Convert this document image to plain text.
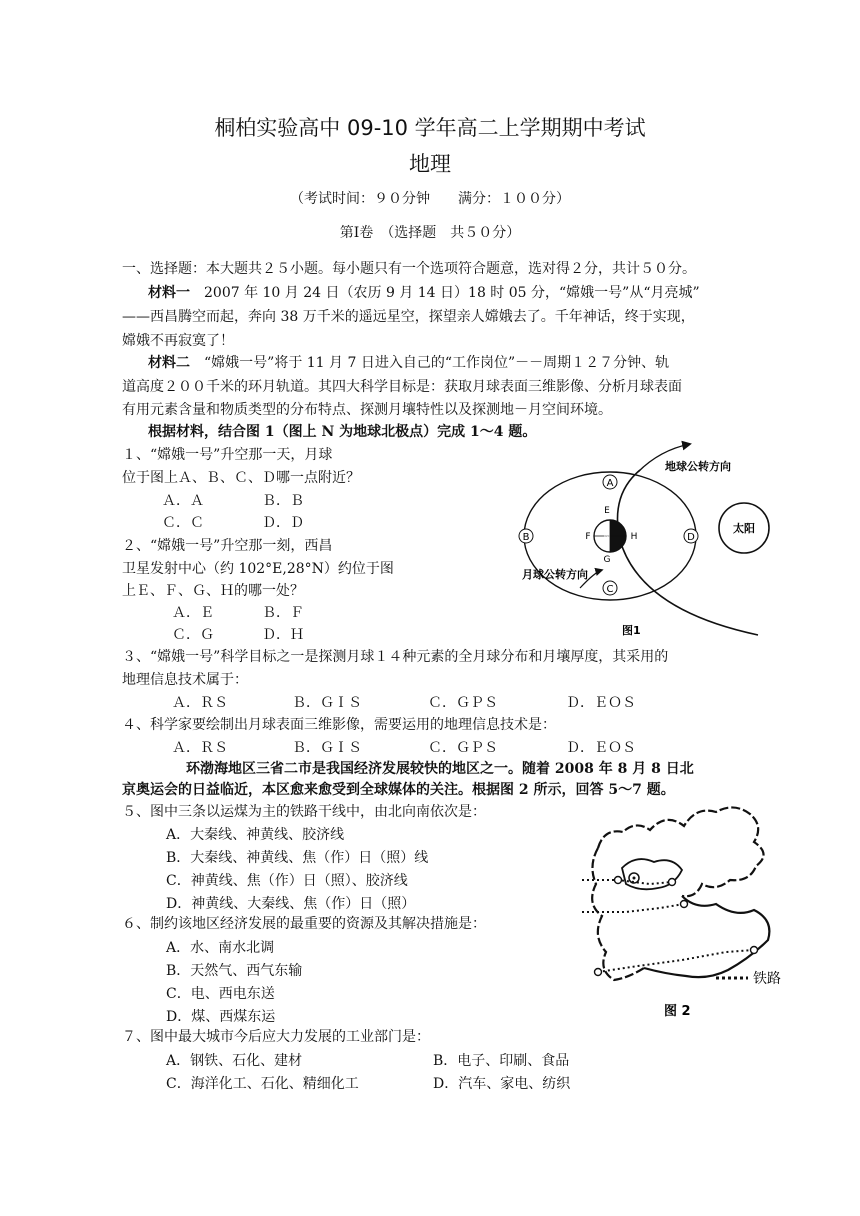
桐柏实验高中 09-10 学年高二上学期期中考试
地理
（考试时间：９０分钟　　满分：１００分）
第Ⅰ卷　（选择题　共５０分）
一、选择题：本大题共２５小题。每小题只有一个选项符合题意，选对得２分，共计５０分。
材料一　2007 年 10 月 24 日（农历 9 月 14 日）18 时 05 分，“嫦娥一号”从“月亮城”
——西昌腾空而起，奔向 38 万千米的遥远星空，探望亲人嫦娥去了。千年神话，终于实现，
嫦娥不再寂寞了！
材料二　“嫦娥一号”将于 11 月 7 日进入自己的“工作岗位”－－周期１２７分钟、轨
道高度２００千米的环月轨道。其四大科学目标是：获取月球表面三维影像、分析月球表面
有用元素含量和物质类型的分布特点、探测月壤特性以及探测地－月空间环境。
根据材料，结合图 1（图上 N 为地球北极点）完成 1～4 题。
１、“嫦娥一号”升空那一天，月球
位于图上Ａ、Ｂ、Ｃ、Ｄ哪一点附近？
Ａ．Ａ	Ｂ．Ｂ
Ｃ．Ｃ	Ｄ．Ｄ
２、“嫦娥一号”升空那一刻，西昌
卫星发射中心（约 102°E,28°N）约位于图
上Ｅ、Ｆ、Ｇ、Ｈ的哪一处？
Ａ．Ｅ	Ｂ．Ｆ
Ｃ．Ｇ	Ｄ．Ｈ
３、“嫦娥一号”科学目标之一是探测月球１４种元素的全月球分布和月壤厚度，其采用的
地理信息技术属于：
Ａ．ＲＳ	Ｂ．ＧＩＳ	Ｃ．ＧＰＳ	Ｄ．ＥＯＳ
４、科学家要绘制出月球表面三维影像，需要运用的地理信息技术是：
Ａ．ＲＳ	Ｂ．ＧＩＳ	Ｃ．ＧＰＳ	Ｄ．ＥＯＳ
环渤海地区三省二市是我国经济发展较快的地区之一。随着 2008 年 8 月 8 日北
京奥运会的日益临近，本区愈来愈受到全球媒体的关注。根据图 2 所示，回答 5～7 题。
５、图中三条以运煤为主的铁路干线中，由北向南依次是：
A．大秦线、神黄线、胶济线
B．大秦线、神黄线、焦（作）日（照）线
C．神黄线、焦（作）日（照）、胶济线
D．神黄线、大秦线、焦（作）日（照）
６、制约该地区经济发展的最重要的资源及其解决措施是：
A．水、南水北调
B．天然气、西气东输
C．电、西电东送
D．煤、西煤东运
７、图中最大城市今后应大力发展的工业部门是：
A．钢铁、石化、建材	B．电子、印刷、食品
C．海洋化工、石化、精细化工	D．汽车、家电、纺织
A
B
C
D
E
F
G
H
N
太阳
地球公转方向
月球公转方向
图1
铁路
图 2
